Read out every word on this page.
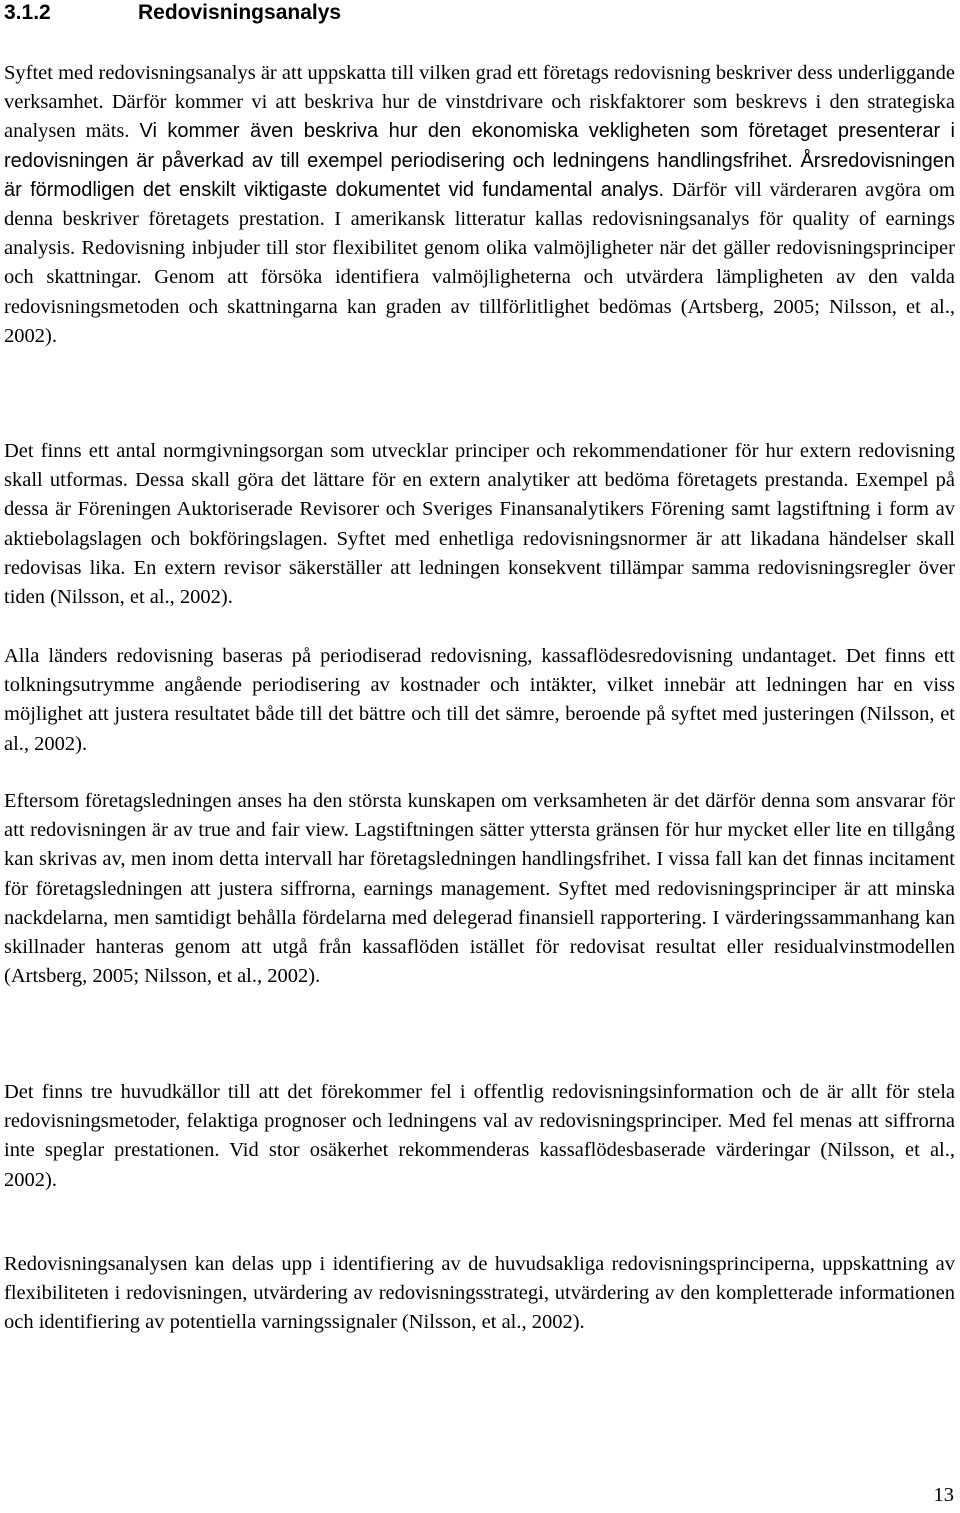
3.1.2	Redovisningsanalys

Syftet med redovisningsanalys är att uppskatta till vilken grad ett företags redovisning beskriver dess underliggande verksamhet. Därför kommer vi att beskriva hur de vinstdrivare och riskfaktorer som beskrevs i den strategiska analysen mäts. Vi kommer även beskriva hur den ekonomiska vekligheten som företaget presenterar i redovisningen är påverkad av till exempel periodisering och ledningens handlingsfrihet. Årsredovisningen är förmodligen det enskilt viktigaste dokumentet vid fundamental analys. Därför vill värderaren avgöra om denna beskriver företagets prestation. I amerikansk litteratur kallas redovisningsanalys för quality of earnings analysis. Redovisning inbjuder till stor flexibilitet genom olika valmöjligheter när det gäller redovisningsprinciper och skattningar. Genom att försöka identifiera valmöjligheterna och utvärdera lämpligheten av den valda redovisningsmetoden och skattningarna kan graden av tillförlitlighet bedömas (Artsberg, 2005; Nilsson, et al., 2002).

Det finns ett antal normgivningsorgan som utvecklar principer och rekommendationer för hur extern redovisning skall utformas. Dessa skall göra det lättare för en extern analytiker att bedöma företagets prestanda. Exempel på dessa är Föreningen Auktoriserade Revisorer och Sveriges Finansanalytikers Förening samt lagstiftning i form av aktiebolagslagen och bokföringslagen. Syftet med enhetliga redovisningsnormer är att likadana händelser skall redovisas lika. En extern revisor säkerställer att ledningen konsekvent tillämpar samma redovisningsregler över tiden (Nilsson, et al., 2002).

Alla länders redovisning baseras på periodiserad redovisning, kassaflödesredovisning undantaget. Det finns ett tolkningsutrymme angående periodisering av kostnader och intäkter, vilket innebär att ledningen har en viss möjlighet att justera resultatet både till det bättre och till det sämre, beroende på syftet med justeringen (Nilsson, et al., 2002).

Eftersom företagsledningen anses ha den största kunskapen om verksamheten är det därför denna som ansvarar för att redovisningen är av true and fair view. Lagstiftningen sätter yttersta gränsen för hur mycket eller lite en tillgång kan skrivas av, men inom detta intervall har företagsledningen handlingsfrihet. I vissa fall kan det finnas incitament för företagsledningen att justera siffrorna, earnings management. Syftet med redovisningsprinciper är att minska nackdelarna, men samtidigt behålla fördelarna med delegerad finansiell rapportering. I värderingssammanhang kan skillnader hanteras genom att utgå från kassaflöden istället för redovisat resultat eller residualvinstmodellen (Artsberg, 2005; Nilsson, et al., 2002).

Det finns tre huvudkällor till att det förekommer fel i offentlig redovisningsinformation och de är allt för stela redovisningsmetoder, felaktiga prognoser och ledningens val av redovisningsprinciper. Med fel menas att siffrorna inte speglar prestationen. Vid stor osäkerhet rekommenderas kassaflödesbaserade värderingar (Nilsson, et al., 2002).

Redovisningsanalysen kan delas upp i identifiering av de huvudsakliga redovisningsprinciperna, uppskattning av flexibiliteten i redovisningen, utvärdering av redovisningsstrategi, utvärdering av den kompletterade informationen och identifiering av potentiella varningssignaler (Nilsson, et al., 2002).

13
